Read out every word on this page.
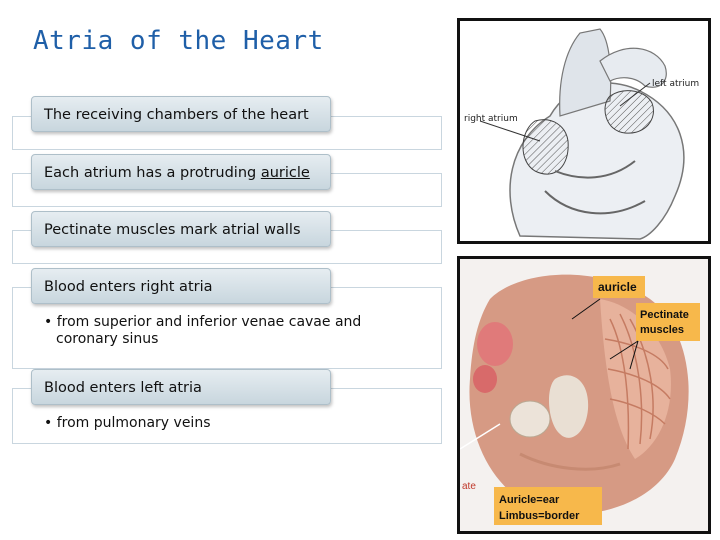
Atria of the Heart
The receiving chambers of the heart
Each atrium has a protruding auricle
Pectinate muscles mark atrial walls
Blood enters right atria
• from superior and inferior venae cavae and
coronary sinus
Blood enters left atria
• from pulmonary veins
left atrium
right atrium
auricle
Pectinate
muscles
Auricle=ear
Limbus=border
ate
